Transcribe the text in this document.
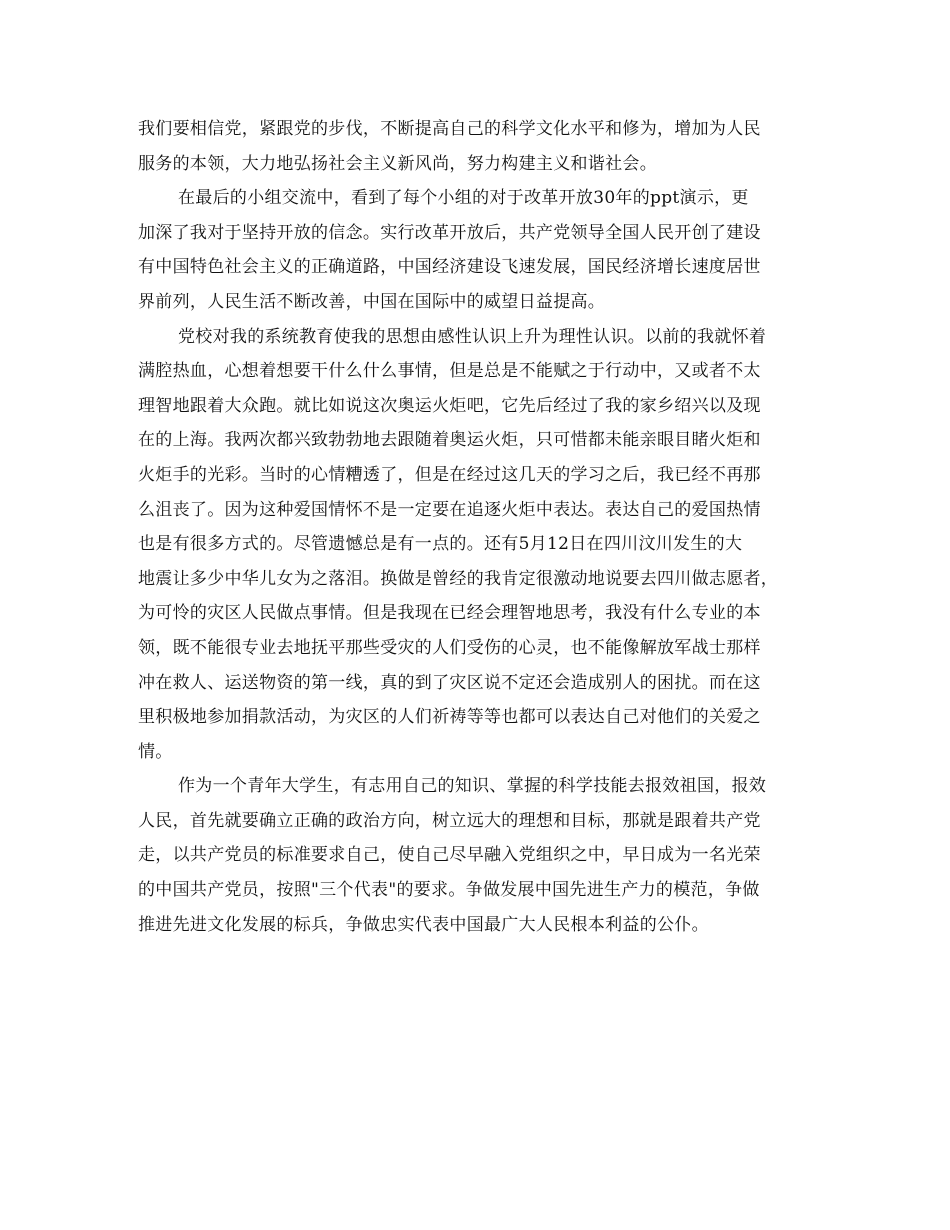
我们要相信党，紧跟党的步伐，不断提高自己的科学文化水平和修为，增加为人民
服务的本领，大力地弘扬社会主义新风尚，努力构建主义和谐社会。
在最后的小组交流中，看到了每个小组的对于改革开放30年的ppt演示，更
加深了我对于坚持开放的信念。实行改革开放后，共产党领导全国人民开创了建设
有中国特色社会主义的正确道路，中国经济建设飞速发展，国民经济增长速度居世
界前列，人民生活不断改善，中国在国际中的威望日益提高。
党校对我的系统教育使我的思想由感性认识上升为理性认识。以前的我就怀着
满腔热血，心想着想要干什么什么事情，但是总是不能赋之于行动中，又或者不太
理智地跟着大众跑。就比如说这次奥运火炬吧，它先后经过了我的家乡绍兴以及现
在的上海。我两次都兴致勃勃地去跟随着奥运火炬，只可惜都未能亲眼目睹火炬和
火炬手的光彩。当时的心情糟透了，但是在经过这几天的学习之后，我已经不再那
么沮丧了。因为这种爱国情怀不是一定要在追逐火炬中表达。表达自己的爱国热情
也是有很多方式的。尽管遗憾总是有一点的。还有5月12日在四川汶川发生的大
地震让多少中华儿女为之落泪。换做是曾经的我肯定很激动地说要去四川做志愿者，
为可怜的灾区人民做点事情。但是我现在已经会理智地思考，我没有什么专业的本
领，既不能很专业去地抚平那些受灾的人们受伤的心灵，也不能像解放军战士那样
冲在救人、运送物资的第一线，真的到了灾区说不定还会造成别人的困扰。而在这
里积极地参加捐款活动，为灾区的人们祈祷等等也都可以表达自己对他们的关爱之
情。
作为一个青年大学生，有志用自己的知识、掌握的科学技能去报效祖国，报效
人民，首先就要确立正确的政治方向，树立远大的理想和目标，那就是跟着共产党
走，以共产党员的标准要求自己，使自己尽早融入党组织之中，早日成为一名光荣
的中国共产党员，按照"三个代表"的要求。争做发展中国先进生产力的模范，争做
推进先进文化发展的标兵，争做忠实代表中国最广大人民根本利益的公仆。
